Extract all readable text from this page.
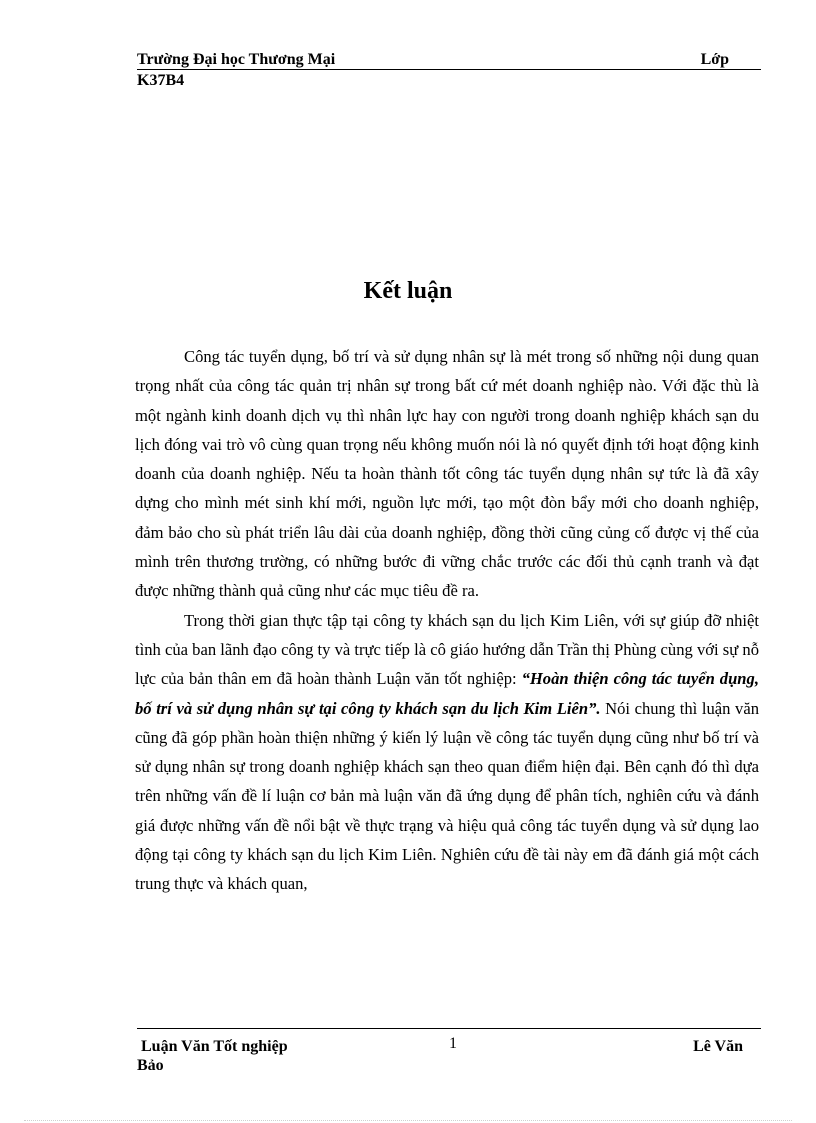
Trường Đại học Thương Mại	Lớp
K37B4
Kết luận

Công tác tuyển dụng, bố trí và sử dụng nhân sự là mét trong số những nội dung quan trọng nhất của công tác quản trị nhân sự trong bất cứ mét doanh nghiệp nào. Với đặc thù là một ngành kinh doanh dịch vụ thì nhân lực hay con người trong doanh nghiệp khách sạn du lịch đóng vai trò vô cùng quan trọng nếu không muốn nói là nó quyết định tới hoạt động kinh doanh của doanh nghiệp. Nếu ta hoàn thành tốt công tác tuyển dụng nhân sự tức là đã xây dựng cho mình mét sinh khí mới, nguồn lực mới, tạo một đòn bẩy mới cho doanh nghiệp, đảm bảo cho sù phát triển lâu dài của doanh nghiệp, đồng thời cũng củng cố được vị thế của mình trên thương trường, có những bước đi vững chắc trước các đối thủ cạnh tranh và đạt được những thành quả cũng như các mục tiêu đề ra.

Trong thời gian thực tập tại công ty khách sạn du lịch Kim Liên, với sự giúp đỡ nhiệt tình của ban lãnh đạo công ty và trực tiếp là cô giáo hướng dẫn Trần thị Phùng cùng với sự nỗ lực của bản thân em đã hoàn thành Luận văn tốt nghiệp: “Hoàn thiện công tác tuyển dụng, bố trí và sử dụng nhân sự tại công ty khách sạn du lịch Kim Liên”. Nói chung thì luận văn cũng đã góp phần hoàn thiện những ý kiến lý luận về công tác tuyển dụng cũng như bố trí và sử dụng nhân sự trong doanh nghiệp khách sạn theo quan điểm hiện đại. Bên cạnh đó thì dựa trên những vấn đề lí luận cơ bản mà luận văn đã ứng dụng để phân tích, nghiên cứu và đánh giá được những vấn đề nổi bật về thực trạng và hiệu quả công tác tuyển dụng và sử dụng lao động tại công ty khách sạn du lịch Kim Liên. Nghiên cứu đề tài này em đã đánh giá một cách trung thực và khách quan,

Luận Văn Tốt nghiệp	1	Lê Văn
Bảo
